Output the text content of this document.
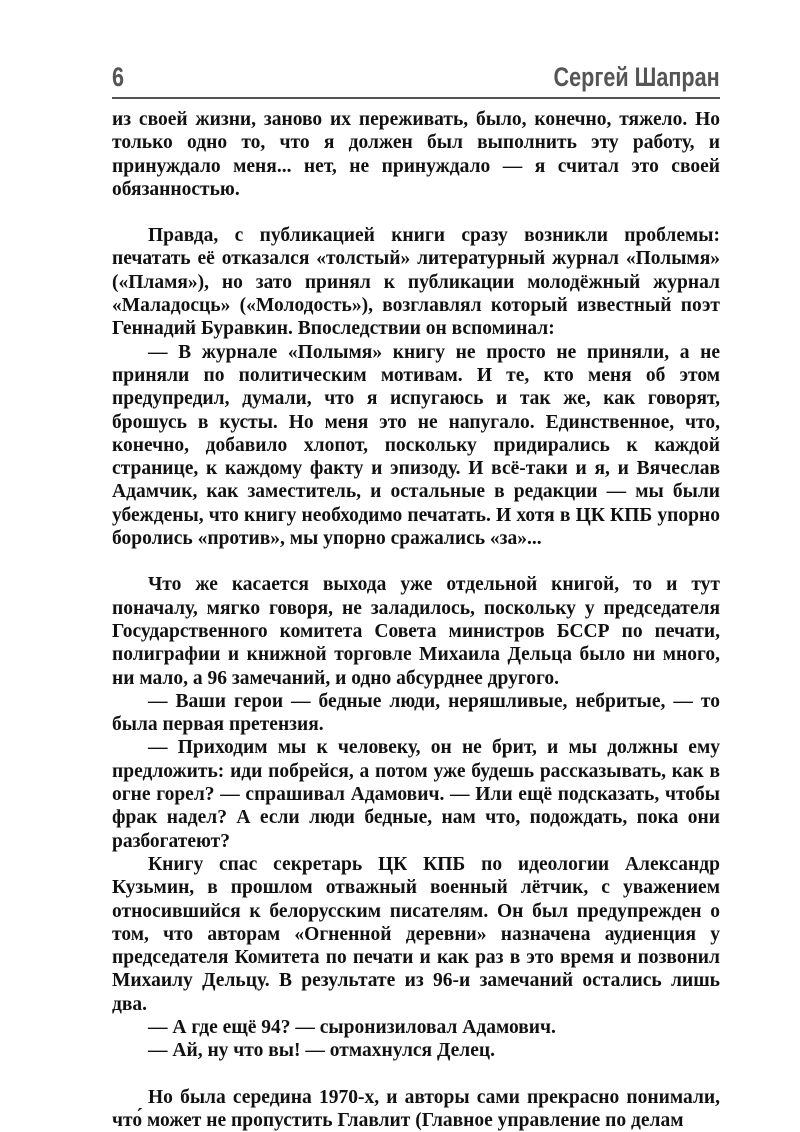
6	Сергей Шапран

из своей жизни, заново их переживать, было, конечно, тяжело. Но только одно то, что я должен был выполнить эту работу, и принуждало меня... нет, не принуждало — я считал это своей обязанностью.

Правда, с публикацией книги сразу возникли проблемы: печатать её отказался «толстый» литературный журнал «Полымя» («Пламя»), но зато принял к публикации молодёжный журнал «Маладосць» («Молодость»), возглавлял который известный поэт Геннадий Буравкин. Впоследствии он вспоминал:

— В журнале «Полымя» книгу не просто не приняли, а не приняли по политическим мотивам. И те, кто меня об этом предупредил, думали, что я испугаюсь и так же, как говорят, брошусь в кусты. Но меня это не напугало. Единственное, что, конечно, добавило хлопот, поскольку придирались к каждой странице, к каждому факту и эпизоду. И всё-таки и я, и Вячеслав Адамчик, как заместитель, и остальные в редакции — мы были убеждены, что книгу необходимо печатать. И хотя в ЦК КПБ упорно боролись «против», мы упорно сражались «за»...

Что же касается выхода уже отдельной книгой, то и тут поначалу, мягко говоря, не заладилось, поскольку у председателя Государственного комитета Совета министров БССР по печати, полиграфии и книжной торговле Михаила Дельца было ни много, ни мало, а 96 замечаний, и одно абсурднее другого.

— Ваши герои — бедные люди, неряшливые, небритые, — то была первая претензия.

— Приходим мы к человеку, он не брит, и мы должны ему предложить: иди побрейся, а потом уже будешь рассказывать, как в огне горел? — спрашивал Адамович. — Или ещё подсказать, чтобы фрак надел? А если люди бедные, нам что, подождать, пока они разбогатеют?

Книгу спас секретарь ЦК КПБ по идеологии Александр Кузьмин, в прошлом отважный военный лётчик, с уважением относившийся к белорусским писателям. Он был предупрежден о том, что авторам «Огненной деревни» назначена аудиенция у председателя Комитета по печати и как раз в это время и позвонил Михаилу Дельцу. В результате из 96-и замечаний остались лишь два.

— А где ещё 94? — сыронизиловал Адамович.

— Ай, ну что вы! — отмахнулся Делец.

Но была середина 1970-х, и авторы сами прекрасно понимали, что́ может не пропустить Главлит (Главное управление по делам
